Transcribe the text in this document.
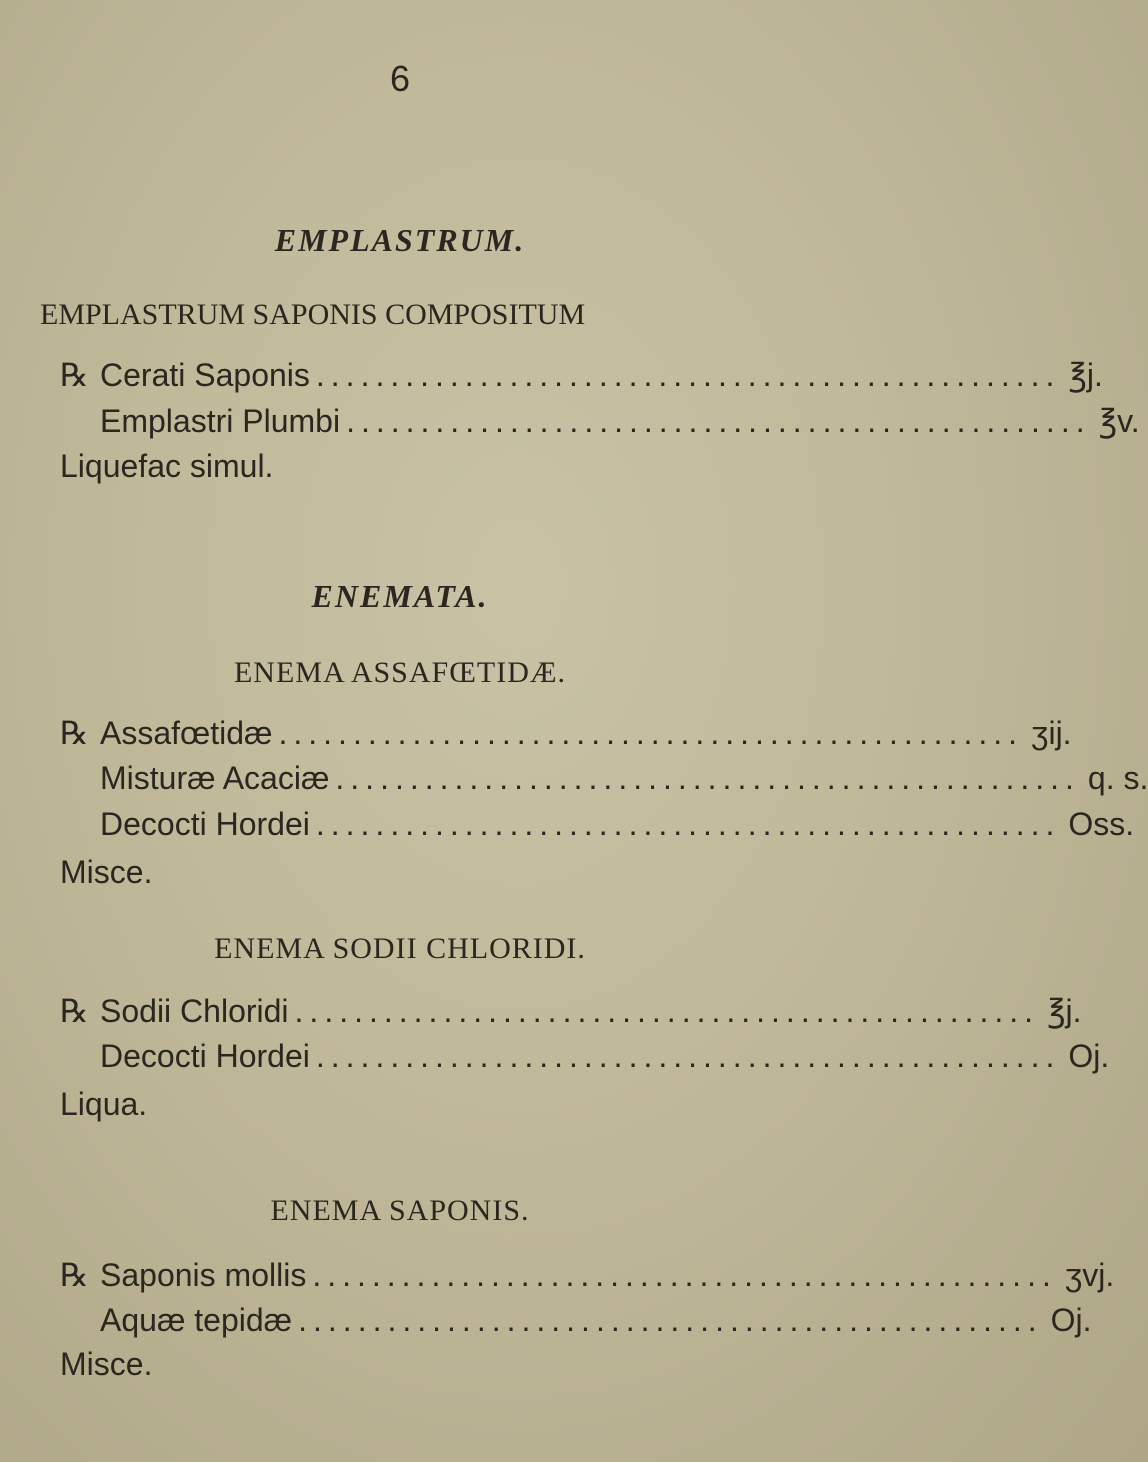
6
EMPLASTRUM.
EMPLASTRUM SAPONIS COMPOSITUM
℞ Cerati Saponis .................................................. ℥j.
Emplastri Plumbi .................................................. ℥v.
Liquefac simul.
ENEMATA.
ENEMA ASSAFŒTIDÆ.
℞ Assafœtidæ .................................................. ʒij.
Misturæ Acaciæ .................................................. q. s.
Decocti Hordei .................................................. Oss.
Misce.
ENEMA SODII CHLORIDI.
℞ Sodii Chloridi .................................................. ℥j.
Decocti Hordei .................................................. Oj.
Liqua.
ENEMA SAPONIS.
℞ Saponis mollis .................................................. ʒvj.
Aquæ tepidæ .................................................. Oj.
Misce.
